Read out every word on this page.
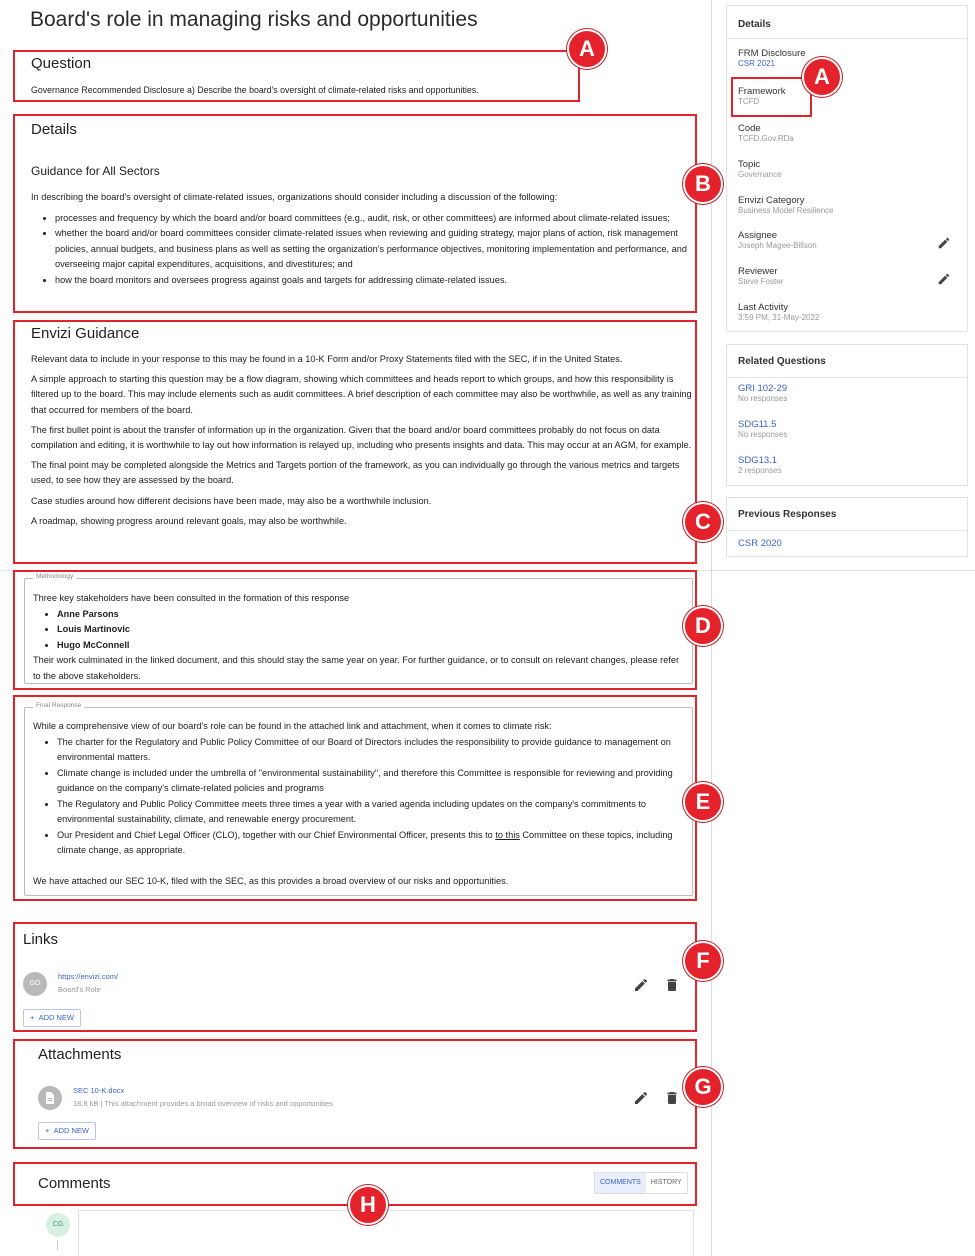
Board's role in managing risks and opportunities
Question
Governance Recommended Disclosure a) Describe the board's oversight of climate-related risks and opportunities.
Details
Guidance for All Sectors

In describing the board's oversight of climate-related issues, organizations should consider including a discussion of the following:

• processes and frequency by which the board and/or board committees (e.g., audit, risk, or other committees) are informed about climate-related issues;
• whether the board and/or board committees consider climate-related issues when reviewing and guiding strategy, major plans of action, risk management policies, annual budgets, and business plans as well as setting the organization's performance objectives, monitoring implementation and performance, and overseeing major capital expenditures, acquisitions, and divestitures; and
• how the board monitors and oversees progress against goals and targets for addressing climate-related issues.
Envizi Guidance

Relevant data to include in your response to this may be found in a 10-K Form and/or Proxy Statements filed with the SEC, if in the United States.

A simple approach to starting this question may be a flow diagram, showing which committees and heads report to which groups, and how this responsibility is filtered up to the board. This may include elements such as audit committees. A brief description of each committee may also be worthwhile, as well as any training that occurred for members of the board.

The first bullet point is about the transfer of information up in the organization. Given that the board and/or board committees probably do not focus on data compilation and editing, it is worthwhile to lay out how information is relayed up, including who presents insights and data. This may occur at an AGM, for example.

The final point may be completed alongside the Metrics and Targets portion of the framework, as you can individually go through the various metrics and targets used, to see how they are assessed by the board.

Case studies around how different decisions have been made, may also be a worthwhile inclusion.

A roadmap, showing progress around relevant goals, may also be worthwhile.

Methodology
Three key stakeholders have been consulted in the formation of this response
• Anne Parsons
• Louis Martinovic
• Hugo McConnell
Their work culminated in the linked document, and this should stay the same year on year. For further guidance, or to consult on relevant changes, please refer to the above stakeholders.
Final Response
While a comprehensive view of our board's role can be found in the attached link and attachment, when it comes to climate risk:
• The charter for the Regulatory and Public Policy Committee of our Board of Directors includes the responsibility to provide guidance to management on environmental matters.
• Climate change is included under the umbrella of "environmental sustainability", and therefore this Committee is responsible for reviewing and providing guidance on the company's climate-related policies and programs
• The Regulatory and Public Policy Committee meets three times a year with a varied agenda including updates on the company's commitments to environmental sustainability, climate, and renewable energy procurement.
• Our President and Chief Legal Officer (CLO), together with our Chief Environmental Officer, presents this to to this Committee on these topics, including climate change, as appropriate.
We have attached our SEC 10-K, filed with the SEC, as this provides a broad overview of our risks and opportunities.
Links
GO
https://envizi.com/
Board's Role
+  ADD NEW
Attachments
SEC 10-K.docx
18.8 kB | This attachment provides a broad overview of risks and opportunities
+  ADD NEW
Comments	COMMENTS	HISTORY
CG
Details
FRM Disclosure
CSR 2021
Framework
TCFD
Code
TCFD.Gov.RDa
Topic
Governance
Envizi Category
Business Model Resilience
Assignee
Joseph Magee-Billson
Reviewer
Steve Foster
Last Activity
3:59 PM, 31-May-2022
Related Questions
GRI 102-29
No responses
SDG11.5
No responses
SDG13.1
2 responses
Previous Responses
CSR 2020
A
A
B
C
D
E
F
G
H
